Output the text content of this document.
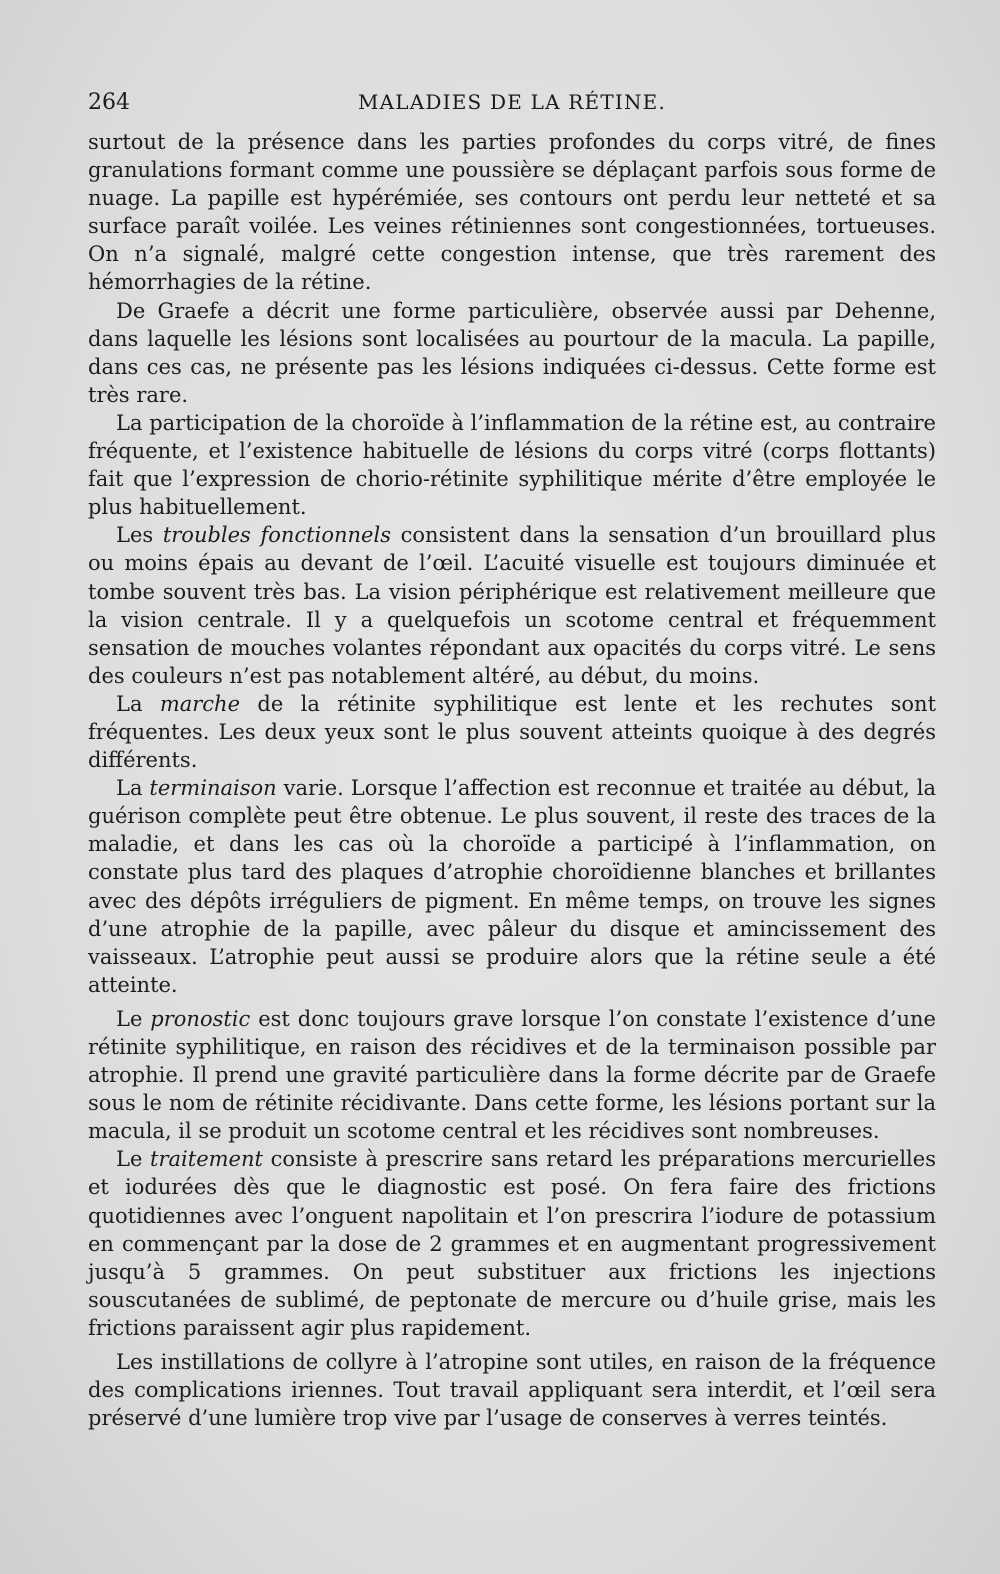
264	MALADIES DE LA RÉTINE.

surtout de la présence dans les parties profondes du corps vitré, de fines granulations formant comme une poussière se déplaçant parfois sous forme de nuage. La papille est hypérémiée, ses contours ont perdu leur netteté et sa surface paraît voilée. Les veines rétiniennes sont congestionnées, tortueuses. On n’a signalé, malgré cette congestion intense, que très rarement des hémorrhagies de la rétine.

De Graefe a décrit une forme particulière, observée aussi par Dehenne, dans laquelle les lésions sont localisées au pourtour de la macula. La papille, dans ces cas, ne présente pas les lésions indiquées ci-dessus. Cette forme est très rare.

La participation de la choroïde à l’inflammation de la rétine est, au contraire fréquente, et l’existence habituelle de lésions du corps vitré (corps flottants) fait que l’expression de chorio-rétinite syphilitique mérite d’être employée le plus habituellement.

Les troubles fonctionnels consistent dans la sensation d’un brouillard plus ou moins épais au devant de l’œil. L’acuité visuelle est toujours diminuée et tombe souvent très bas. La vision périphérique est relativement meilleure que la vision centrale. Il y a quelquefois un scotome central et fréquemment sensation de mouches volantes répondant aux opacités du corps vitré. Le sens des couleurs n’est pas notablement altéré, au début, du moins.

La marche de la rétinite syphilitique est lente et les rechutes sont fréquentes. Les deux yeux sont le plus souvent atteints quoique à des degrés différents.

La terminaison varie. Lorsque l’affection est reconnue et traitée au début, la guérison complète peut être obtenue. Le plus souvent, il reste des traces de la maladie, et dans les cas où la choroïde a participé à l’inflammation, on constate plus tard des plaques d’atrophie choroïdienne blanches et brillantes avec des dépôts irréguliers de pigment. En même temps, on trouve les signes d’une atrophie de la papille, avec pâleur du disque et amincissement des vaisseaux. L’atrophie peut aussi se produire alors que la rétine seule a été atteinte.

Le pronostic est donc toujours grave lorsque l’on constate l’existence d’une rétinite syphilitique, en raison des récidives et de la terminaison possible par atrophie. Il prend une gravité particulière dans la forme décrite par de Graefe sous le nom de rétinite récidivante. Dans cette forme, les lésions portant sur la macula, il se produit un scotome central et les récidives sont nombreuses.

Le traitement consiste à prescrire sans retard les préparations mercurielles et iodurées dès que le diagnostic est posé. On fera faire des frictions quotidiennes avec l’onguent napolitain et l’on prescrira l’iodure de potassium en commençant par la dose de 2 grammes et en augmentant progressivement jusqu’à 5 grammes. On peut substituer aux frictions les injections souscutanées de sublimé, de peptonate de mercure ou d’huile grise, mais les frictions paraissent agir plus rapidement.

Les instillations de collyre à l’atropine sont utiles, en raison de la fréquence des complications iriennes. Tout travail appliquant sera interdit, et l’œil sera préservé d’une lumière trop vive par l’usage de conserves à verres teintés.
